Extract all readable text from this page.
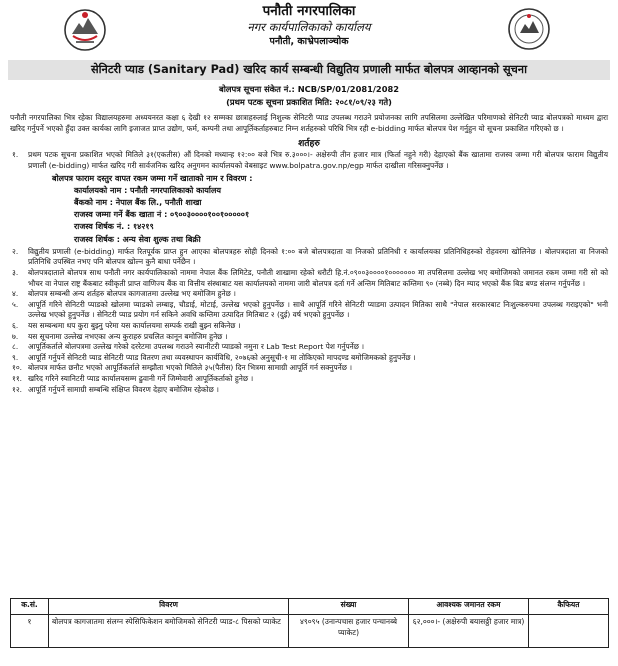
पनौती नगरपालिका
नगर कार्यपालिकाको कार्यालय
पनौती, काभ्रेपलाञ्चोक
सेनिटरी प्याड (Sanitary Pad) खरिद कार्य सम्बन्धी विद्युतिय प्रणाली मार्फत बोलपत्र आव्हानको सूचना
बोलपत्र सूचना संकेत नं.: NCB/SP/01/2081/2082
(प्रथम पटक सूचना प्रकाशित मिति: २०८१/०९/२३ गते)
पनौती नगरपालिका भित्र रहेका विद्यालयहरुमा अध्ययनरत कक्षा ६ देखी १२ सम्मका छात्राहरुलाई निशुल्क सेनिटरी प्याड उपलब्ध गराउने प्रयोजनका लागि तपसिलमा उल्लेखित परिमाणको सेनिटरी प्याड बोलपत्रको माध्यम द्वारा खरिद गर्नुपर्ने भएको हुँदा उक्त कार्यका लागि इजाजत प्राप्त उद्योग, फर्म, कम्पनी तथा आपूर्तिकर्ताहरुबाट निम्न शर्तहरुको परिधि भित्र रही e-bidding मार्फत बोलपत्र पेश गर्नुहुन यो सूचना प्रकाशित गरिएको छ ।
शर्तहरु
१. प्रथम पटक सूचना प्रकाशित भएको मितिले ३१(एकतीस) औं दिनको मध्यान्ह १२:०० बजे भित्र रु.३०००।- अक्षेरुपी तीन हजार मात्र (फिर्ता नहुने गरी) देहाएको बैंक खातामा राजस्व जम्मा गरी बोलपत्र फाराम विद्युतीय प्रणाली (e-bidding) मार्फत खरिद गरी सार्वजनिक खरिद अनुगमन कार्यालयको वेबसाइट www.bolpatra.gov.np/egp मार्फत दाखीला गरिसक्नुपर्नेछ ।
बोलपत्र फाराम दस्तुर वापत रकम जम्मा गर्ने खाताको नाम र विवरण :
कार्यालयको नाम : पनौती नगरपालिकाको कार्यालय
बैंकको नाम : नेपाल बैंक लि., पनौती शाखा
राजस्व जम्मा गर्ने बैंक खाता नं : ०९००३००००१००१०००००१
राजस्व शिर्षक नं. : १४२१९
राजस्व शिर्षक : अन्य सेवा शुल्क तथा बिक्री
२. विद्युतीय प्रणाली (e-bidding) मार्फत रितपूर्वक प्राप्त हुन आएका बोलपत्रहरु सोही दिनको १:०० बजे बोलपत्रदाता वा निजको प्रतिनिधी र कार्यालयका प्रतिनिधिहरुको रोहवरमा खोलिनेछ । बोलपत्रदाता वा निजको प्रतिनिधि उपस्थित नभए पनि बोलपत्र खोल्न कुनै बाधा पर्नेछैन ।
३. बोलपत्रदाताले बोलपत्र साथ पनौती नगर कार्यपालिकाको नाममा नेपाल बैंक लिमिटेड, पनौती शाखामा रहेको धरौटी हि.नं.०९००३००००१००००००० मा तपसिलमा उल्लेख भए बमोजिमको जमानत रकम जम्मा गरी सो को भौचर वा नेपाल राष्ट्र बैंकबाट स्वीकृती प्राप्त वाणिज्य बैंक वा वित्तीय संस्थाबाट यस कार्यालयको नाममा जारी बोलपत्र दर्ता गर्ने अन्तिम मितिबाट कम्तिमा ९० (नब्बे) दिन म्याद भएको बैंक बिड बण्ड संलग्न गर्नुपर्नेछ ।
४. बोलपत्र सम्बन्धी अन्य शर्तहरु बोलपत्र कागजातमा उल्लेख भए बमोजिम हुनेछ ।
५. आपूर्ति गरिने सेनिटरी प्याडको खोलमा प्याडको लम्बाइ, चौडाई, मोटाई, उल्लेख भएको हुनुपर्नेछ । साथै आपूर्ति गरिने सेनिटरी प्याडमा उत्पादन मितिका साथै "नेपाल सरकारबाट निःशुल्करुपमा उपलब्ध गराइएको" भनी उल्लेख भएको हुनुपर्नेछ । सेनिटरी प्याड प्रयोग गर्न सकिने अवधि कम्तिमा उत्पादित मितिबाट २ (दुई) वर्ष भएको हुनुपर्नेछ ।
६. यस सम्बन्धमा थप कुरा बुझ्नु परेमा यस कार्यालयमा सम्पर्क राखी बुझ्न सकिनेछ ।
७. यस सूचनामा उल्लेख नभएका अन्य कुराहरु प्रचलित कानून बमोजिम हुनेछ ।
८. आपूर्तिकर्ताले बोलपत्रमा उल्लेख गरेको दररेटमा उपलब्ध गराउने स्यानीटरी प्याडको नमुना र Lab Test Report पेश गर्नुपर्नेछ ।
९. आपूर्ति गर्नुपर्ने सेनिटरी प्याड सेनिटरी प्याड वितरण तथा व्यवस्थापन कार्यविधि, २०७६को अनुसूची-१ मा तोकिएको मापदण्ड बमोजिमकको हुनुपर्नेछ ।
१०. बोलपत्र मार्फत छनौट भएको आपूर्तिकर्ताले सम्झौता भएको मितिले ३५(पैतीस) दिन भित्रमा सामाग्री आपूर्ति गर्न सक्नुपर्नेछ ।
११. खरिद गरिने स्यानिटरी प्याड कार्यालयसम्म ढुवानी गर्ने जिम्मेवारी आपूर्तिकर्ताको हुनेछ ।
१२. आपूर्ति गर्नुपर्ने सामाग्री सम्बन्धि संक्षिप्त विवरण देहाए बमोजिम रहेकोछ ।
क.सं.	विवरण	संख्या	आवश्यक जमानत रकम	कैफियत
१	बोलपत्र कागजातमा संलग्न स्पेसिफिकेशन बमोजिमको सेनिटरी प्याड-८ पिसको प्याकेट	४९०९५ (उनान्पचास हजार पन्चानब्बे प्याकेट)	६२,०००।- (अक्षेरुपी बयासठ्ठी हजार मात्र)	
